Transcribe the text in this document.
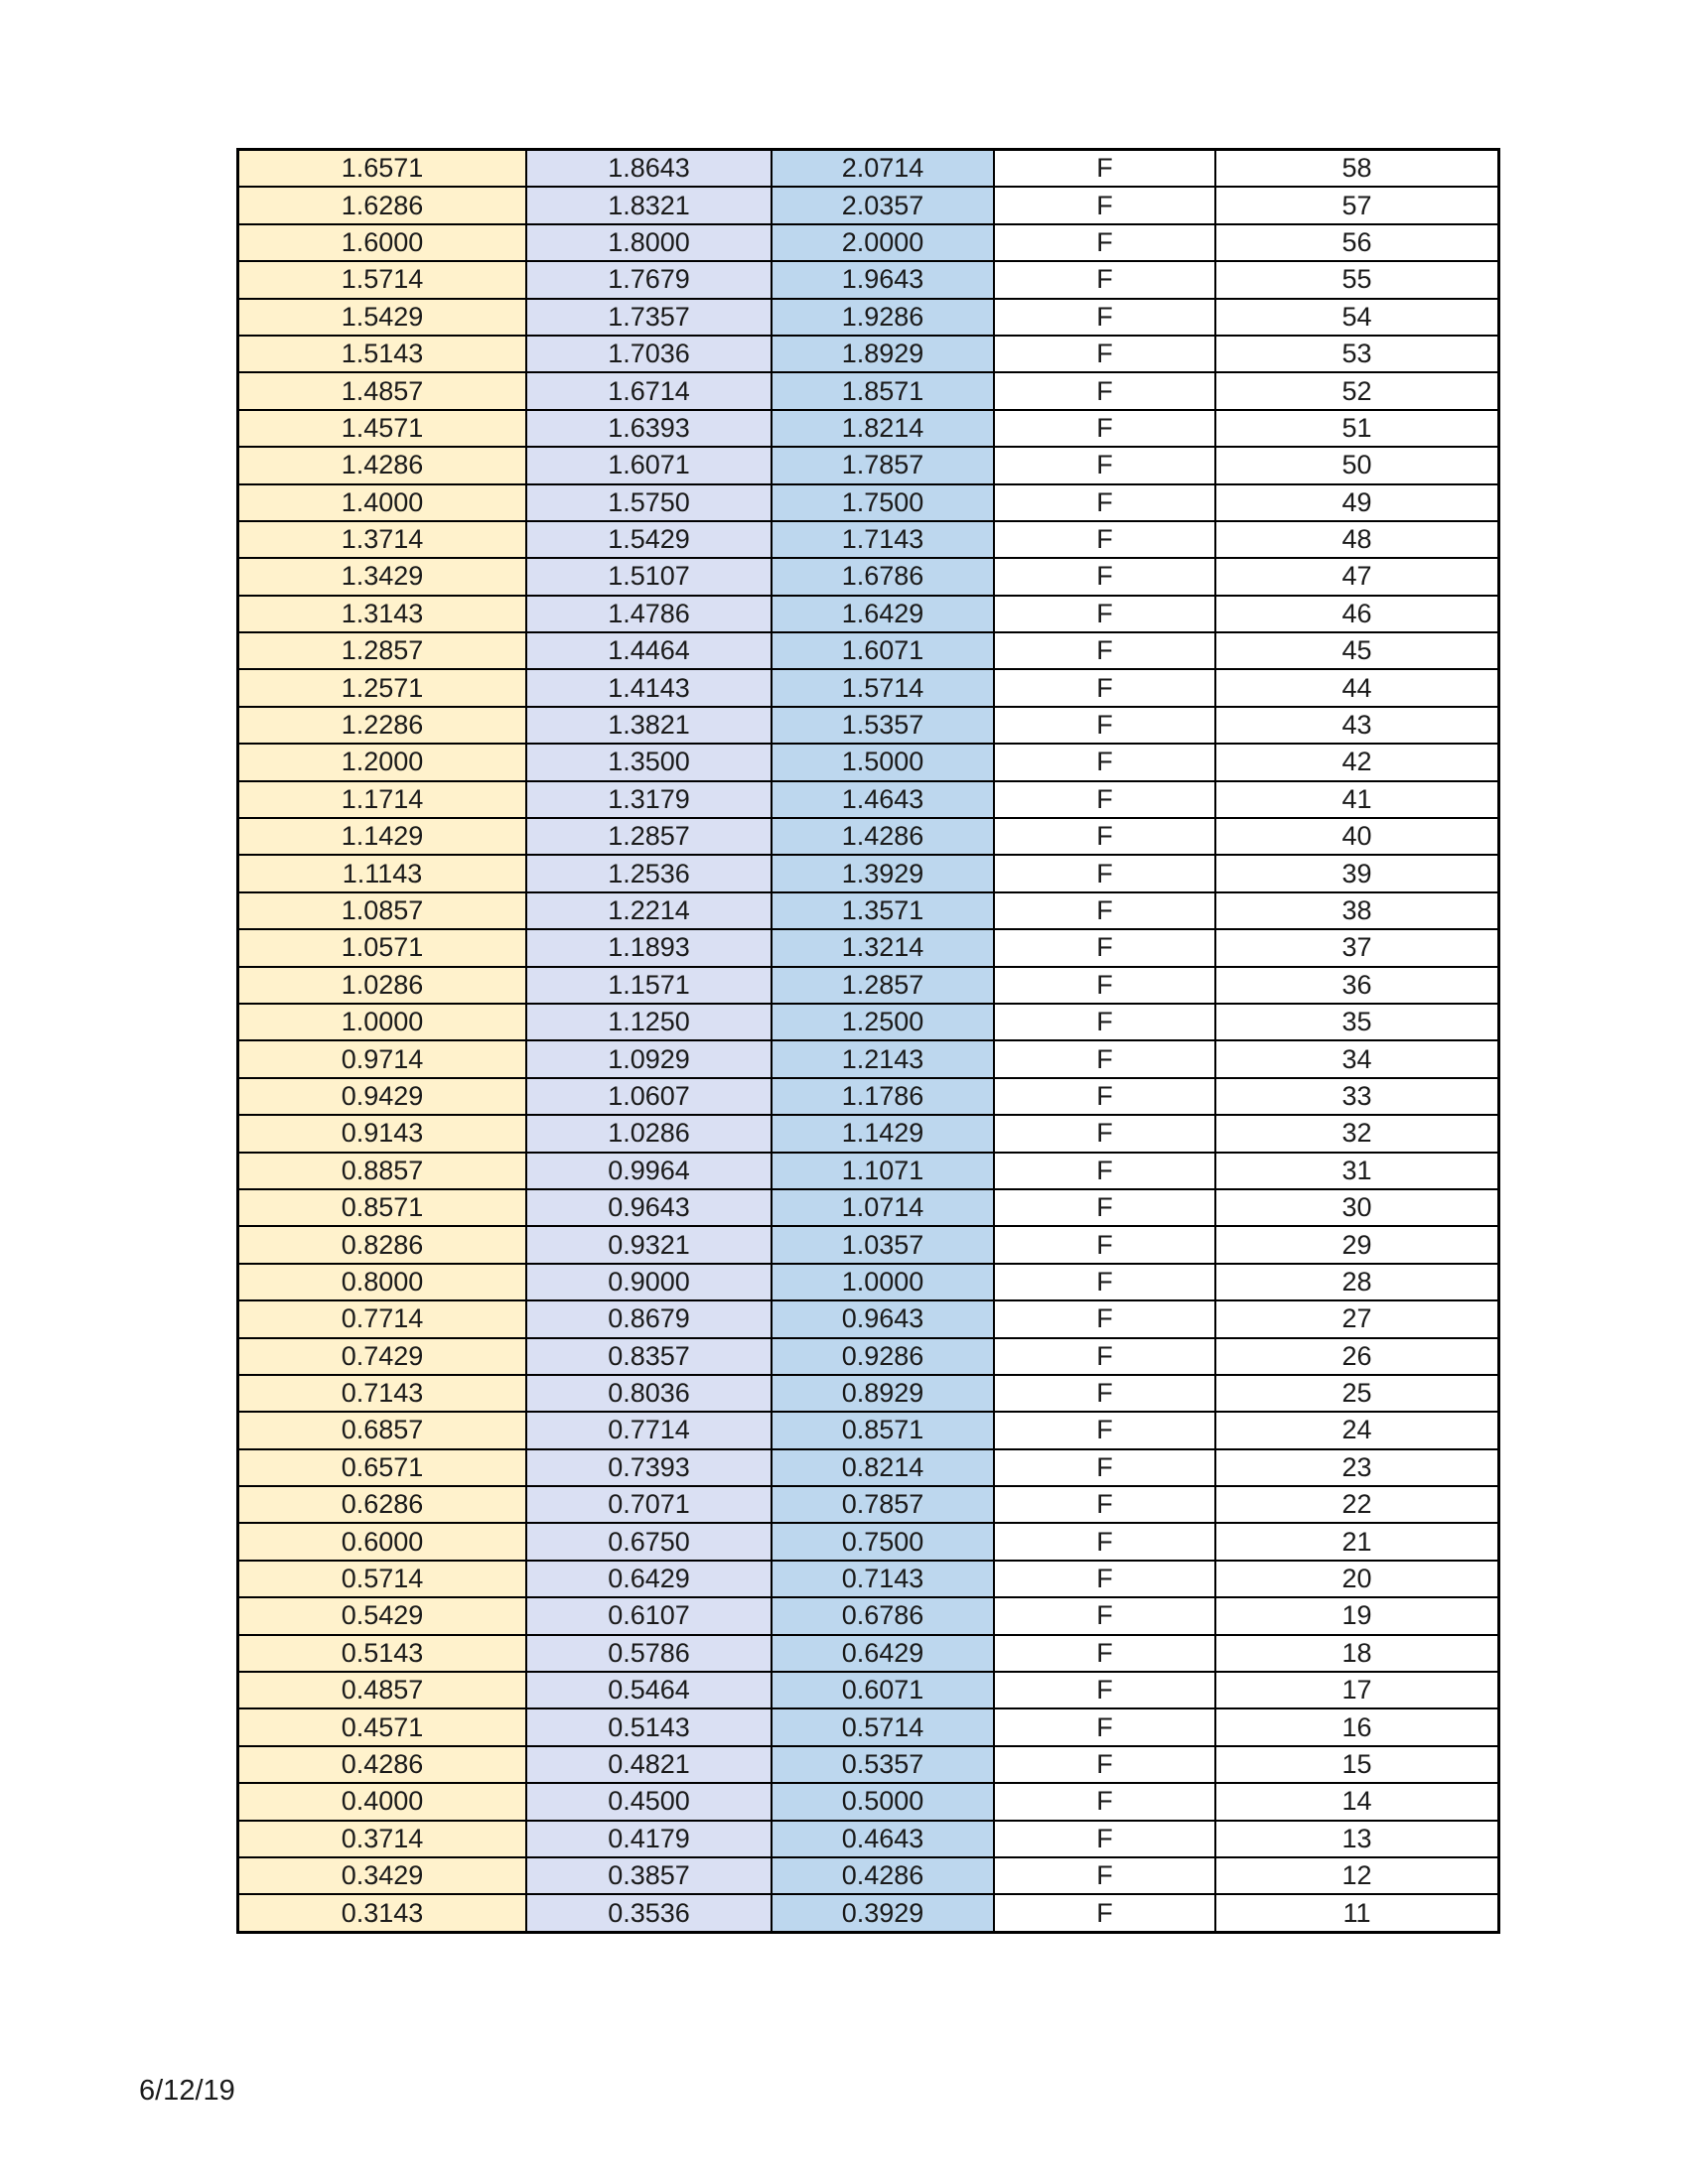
1.6571	1.8643	2.0714	F	58
1.6286	1.8321	2.0357	F	57
1.6000	1.8000	2.0000	F	56
1.5714	1.7679	1.9643	F	55
1.5429	1.7357	1.9286	F	54
1.5143	1.7036	1.8929	F	53
1.4857	1.6714	1.8571	F	52
1.4571	1.6393	1.8214	F	51
1.4286	1.6071	1.7857	F	50
1.4000	1.5750	1.7500	F	49
1.3714	1.5429	1.7143	F	48
1.3429	1.5107	1.6786	F	47
1.3143	1.4786	1.6429	F	46
1.2857	1.4464	1.6071	F	45
1.2571	1.4143	1.5714	F	44
1.2286	1.3821	1.5357	F	43
1.2000	1.3500	1.5000	F	42
1.1714	1.3179	1.4643	F	41
1.1429	1.2857	1.4286	F	40
1.1143	1.2536	1.3929	F	39
1.0857	1.2214	1.3571	F	38
1.0571	1.1893	1.3214	F	37
1.0286	1.1571	1.2857	F	36
1.0000	1.1250	1.2500	F	35
0.9714	1.0929	1.2143	F	34
0.9429	1.0607	1.1786	F	33
0.9143	1.0286	1.1429	F	32
0.8857	0.9964	1.1071	F	31
0.8571	0.9643	1.0714	F	30
0.8286	0.9321	1.0357	F	29
0.8000	0.9000	1.0000	F	28
0.7714	0.8679	0.9643	F	27
0.7429	0.8357	0.9286	F	26
0.7143	0.8036	0.8929	F	25
0.6857	0.7714	0.8571	F	24
0.6571	0.7393	0.8214	F	23
0.6286	0.7071	0.7857	F	22
0.6000	0.6750	0.7500	F	21
0.5714	0.6429	0.7143	F	20
0.5429	0.6107	0.6786	F	19
0.5143	0.5786	0.6429	F	18
0.4857	0.5464	0.6071	F	17
0.4571	0.5143	0.5714	F	16
0.4286	0.4821	0.5357	F	15
0.4000	0.4500	0.5000	F	14
0.3714	0.4179	0.4643	F	13
0.3429	0.3857	0.4286	F	12
0.3143	0.3536	0.3929	F	11
6/12/19
